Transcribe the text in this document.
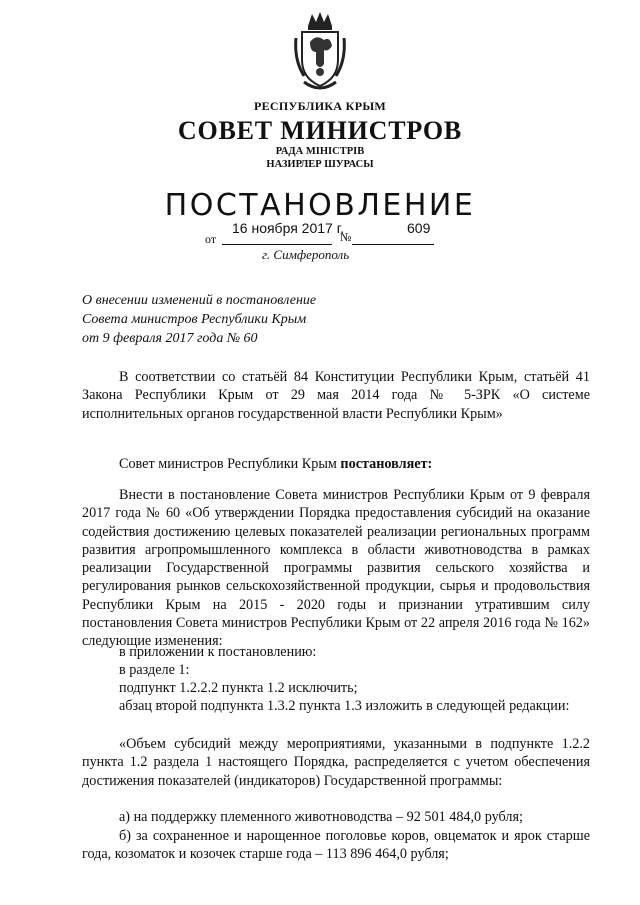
РЕСПУБЛИКА КРЫМ
СОВЕТ МИНИСТРОВ
РАДА МІНІСТРІВ
НАЗИРЛЕР ШУРАСЫ
ПОСТАНОВЛЕНИЕ
от
16 ноября 2017 г.
№
609
г. Симферополь
О внесении изменений в постановление
Совета министров Республики Крым
от 9 февраля 2017 года № 60
В соответствии со статьёй 84 Конституции Республики Крым, статьёй 41 Закона Республики Крым от 29 мая 2014 года № 5-ЗРК «О системе исполнительных органов государственной власти Республики Крым»
Совет министров Республики Крым постановляет:
Внести в постановление Совета министров Республики Крым от 9 февраля 2017 года № 60 «Об утверждении Порядка предоставления субсидий на оказание содействия достижению целевых показателей реализации региональных программ развития агропромышленного комплекса в области животноводства в рамках реализации Государственной программы развития сельского хозяйства и регулирования рынков сельскохозяйственной продукции, сырья и продовольствия Республики Крым на 2015 - 2020 годы и признании утратившим силу постановления Совета министров Республики Крым от 22 апреля 2016 года № 162» следующие изменения:
в приложении к постановлению:
в разделе 1:
подпункт 1.2.2.2 пункта 1.2 исключить;
абзац второй подпункта 1.3.2 пункта 1.3 изложить в следующей редакции:
«Объем субсидий между мероприятиями, указанными в подпункте 1.2.2 пункта 1.2 раздела 1 настоящего Порядка, распределяется с учетом обеспечения достижения показателей (индикаторов) Государственной программы:
а) на поддержку племенного животноводства – 92 501 484,0 рубля;
б) за сохраненное и нарощенное поголовье коров, овцематок и ярок старше года, козоматок и козочек старше года – 113 896 464,0 рубля;
